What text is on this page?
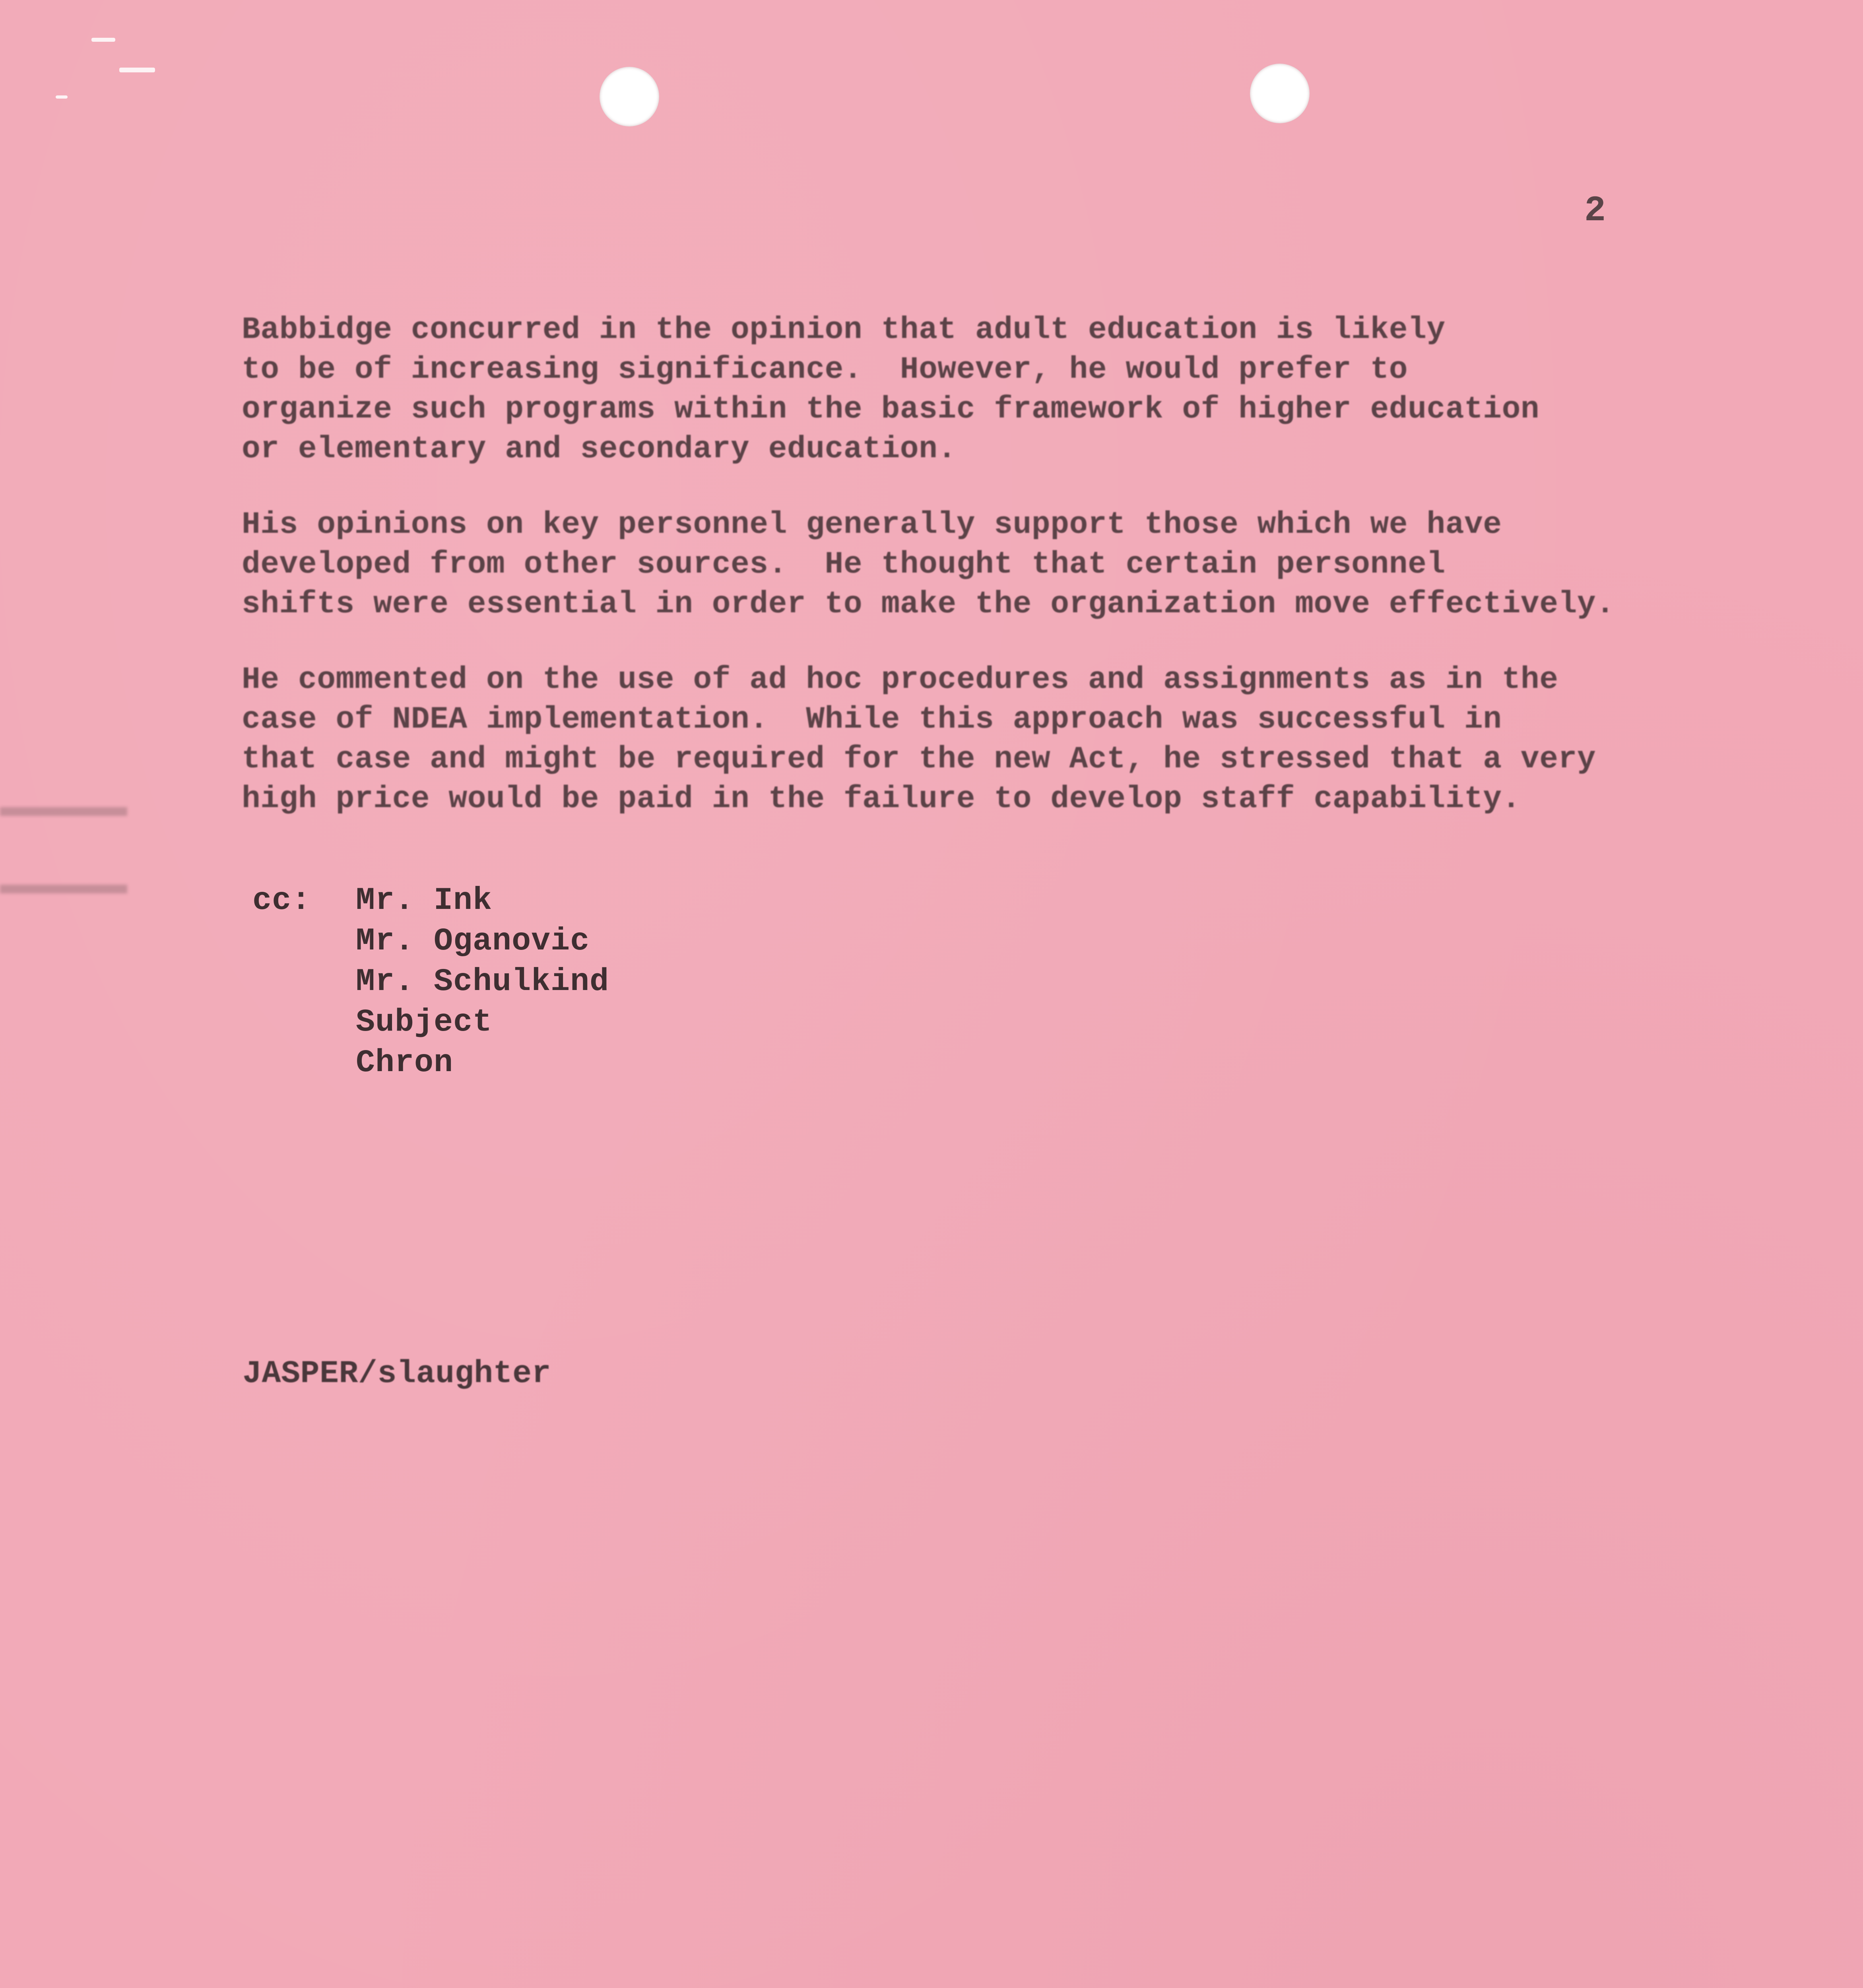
2
Babbidge concurred in the opinion that adult education is likely
to be of increasing significance.  However, he would prefer to
organize such programs within the basic framework of higher education
or elementary and secondary education.
His opinions on key personnel generally support those which we have
developed from other sources.  He thought that certain personnel
shifts were essential in order to make the organization move effectively.
He commented on the use of ad hoc procedures and assignments as in the
case of NDEA implementation.  While this approach was successful in
that case and might be required for the new Act, he stressed that a very
high price would be paid in the failure to develop staff capability.
cc:	Mr. Ink
Mr. Oganovic
Mr. Schulkind
Subject
Chron
JASPER/slaughter
